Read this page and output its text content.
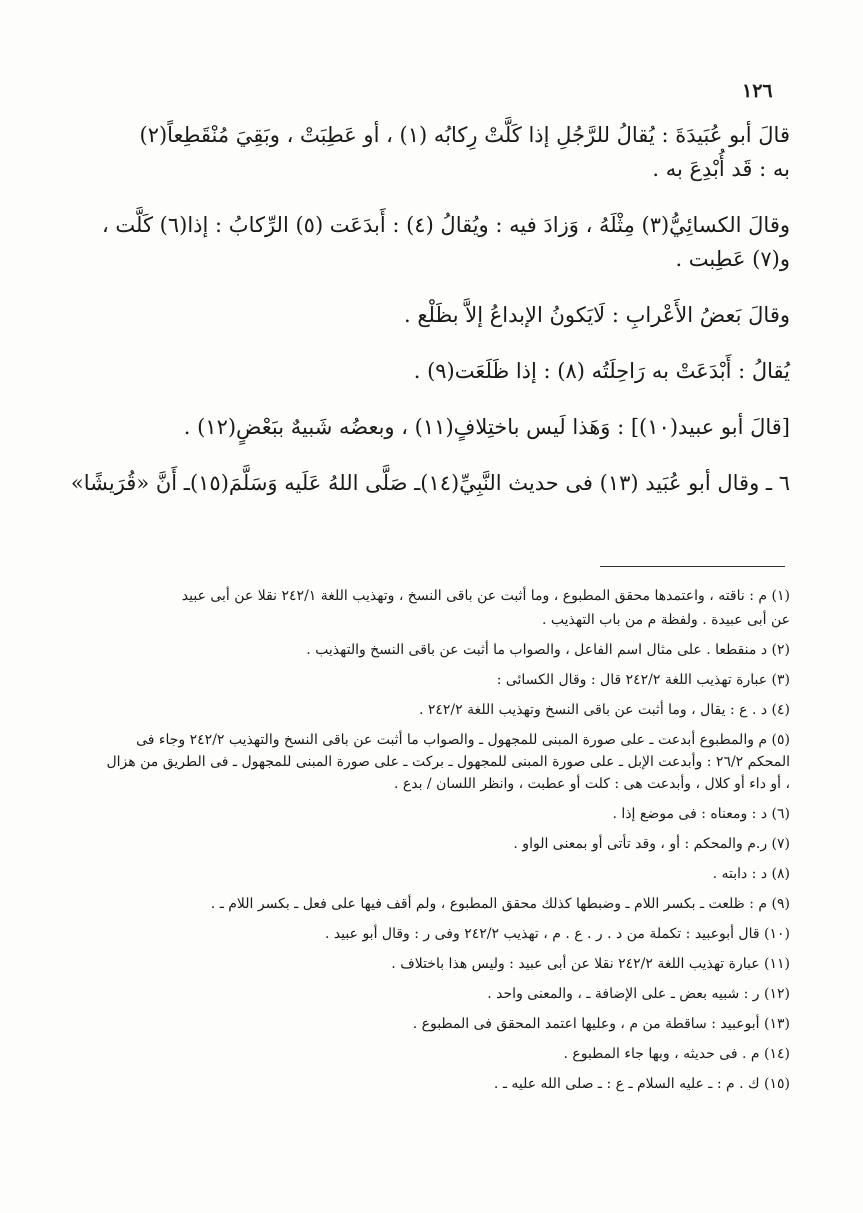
١٢٦

قالَ أبو عُبَيدَةَ : يُقالُ للرَّجُلِ إذا كَلَّتْ رِكابُه (١) ، أو عَطِبَتْ ، وبَقِيَ مُنْقَطِعاً(٢)

به : قَد أُبْدِعَ به .

وقالَ الكسائِيُّ(٣) مِثْلَهُ ، وَزادَ فيه : ويُقالُ (٤) : أَبدَعَت (٥) الرِّكابُ : إذا(٦) كَلَّت ،

و(٧) عَطِبت .

وقالَ بَعضُ الأَعْرابِ : لَايَكونُ الإبداعُ إلاَّ بظَلْع .

يُقالُ : أَبْدَعَتْ به رَاحِلَتُه (٨) : إذا ظَلَعَت(٩) .

[قالَ أبو عبيد(١٠)] : وَهَذا لَيس باختِلافٍ(١١) ، وبعضُه شَبيهٌ ببَعْضٍ(١٢) .

٦ ـ وقال أبو عُبَيد (١٣) فى حديث النَّبِيِّ(١٤)ـ صَلَّى اللهُ عَلَيه وَسَلَّمَ(١٥)ـ أَنَّ «قُرَيشًا»

(١) م : ناقته ، واعتمدها محقق المطبوع ، وما أثبت عن باقى النسخ ، وتهذيب اللغة ٢٤٢/١ نقلا عن أبى عبيد

عن أبى عبيدة . ولفظة م من باب التهذيب .

(٢) د منقطعا . على مثال اسم الفاعل ، والصواب ما أثبت عن باقى النسخ والتهذيب .

(٣) عبارة تهذيب اللغة ٢٤٢/٢ قال : وقال الكسائى :

(٤) د . ع : يقال ، وما أثبت عن باقى النسخ وتهذيب اللغة ٢٤٢/٢ .

(٥) م والمطبوع أبدعت ـ على صورة المبنى للمجهول ـ والصواب ما أثبت عن باقى النسخ والتهذيب ٢٤٢/٢ وجاء فى المحكم ٢٦/٢ : وأبدعت الإبل ـ على صورة المبنى للمجهول ـ بركت ـ على صورة المبنى للمجهول ـ فى الطريق من هزال ، أو داء أو كلال ، وأبدعت هى : كلت أو عطبت ، وانظر اللسان / بدع .

(٦) د : ومعناه : فى موضع إذا .

(٧) ر.م والمحكم : أو ، وقد تأتى أو بمعنى الواو .

(٨) د : دابته .

(٩) م : ظلعت ـ بكسر اللام ـ وضبطها كذلك محقق المطبوع ، ولم أقف فيها على فعل ـ بكسر اللام ـ .

(١٠) قال أبوعبيد : تكملة من د . ر . ع . م ، تهذيب ٢٤٢/٢ وفى ر : وقال أبو عبيد .

(١١) عبارة تهذيب اللغة ٢٤٢/٢ نقلا عن أبى عبيد : وليس هذا باختلاف .

(١٢) ر : شبيه بعض ـ على الإضافة ـ ، والمعنى واحد .

(١٣) أبوعبيد : ساقطة من م ، وعليها اعتمد المحقق فى المطبوع .

(١٤) م . فى حديثه ، وبها جاء المطبوع .

(١٥) ك . م : ـ عليه السلام ـ ع : ـ صلى الله عليه ـ .
